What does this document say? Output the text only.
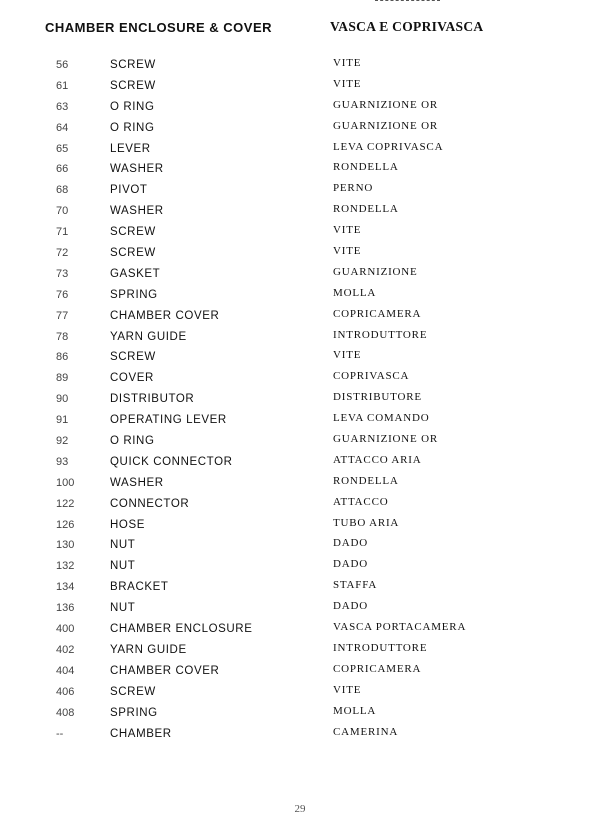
CHAMBER ENCLOSURE & COVER	VASCA E COPRIVASCA
56	SCREW	VITE
61	SCREW	VITE
63	O RING	GUARNIZIONE OR
64	O RING	GUARNIZIONE OR
65	LEVER	LEVA COPRIVASCA
66	WASHER	RONDELLA
68	PIVOT	PERNO
70	WASHER	RONDELLA
71	SCREW	VITE
72	SCREW	VITE
73	GASKET	GUARNIZIONE
76	SPRING	MOLLA
77	CHAMBER COVER	COPRICAMERA
78	YARN GUIDE	INTRODUTTORE
86	SCREW	VITE
89	COVER	COPRIVASCA
90	DISTRIBUTOR	DISTRIBUTORE
91	OPERATING LEVER	LEVA COMANDO
92	O RING	GUARNIZIONE OR
93	QUICK CONNECTOR	ATTACCO ARIA
100	WASHER	RONDELLA
122	CONNECTOR	ATTACCO
126	HOSE	TUBO ARIA
130	NUT	DADO
132	NUT	DADO
134	BRACKET	STAFFA
136	NUT	DADO
400	CHAMBER ENCLOSURE	VASCA PORTACAMERA
402	YARN GUIDE	INTRODUTTORE
404	CHAMBER COVER	COPRICAMERA
406	SCREW	VITE
408	SPRING	MOLLA
--	CHAMBER	CAMERINA
29
